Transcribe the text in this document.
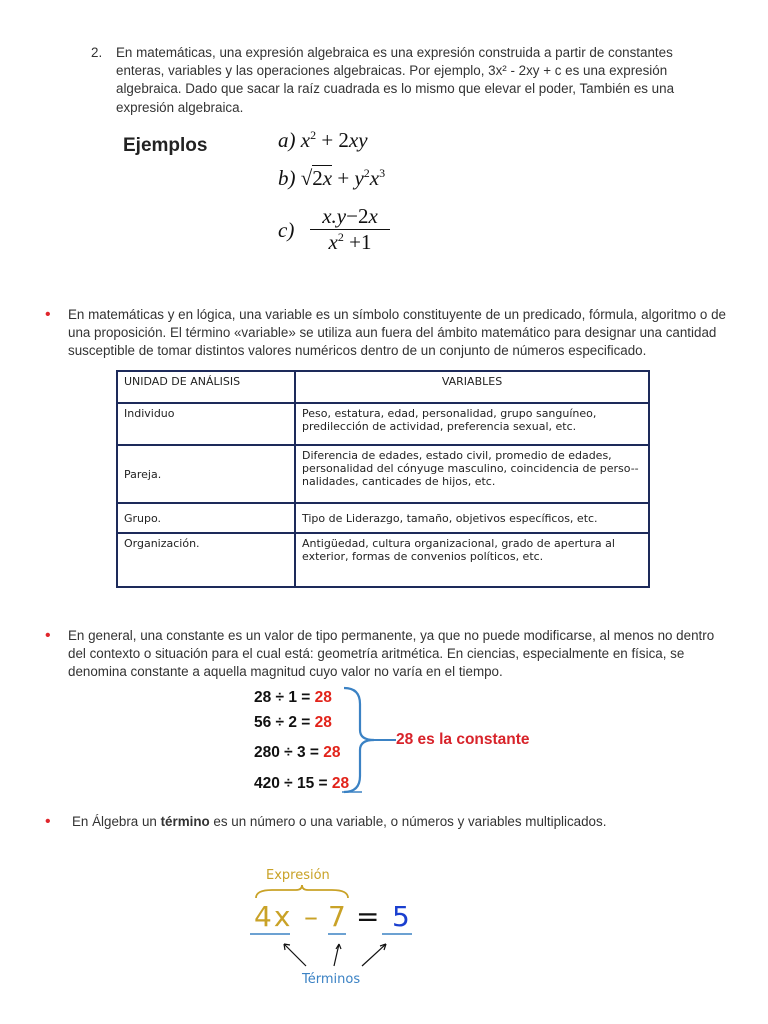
2. En matemáticas, una expresión algebraica es una expresión construida a partir de constantes enteras, variables y las operaciones algebraicas. Por ejemplo, 3x² - 2xy + c es una expresión algebraica. Dado que sacar la raíz cuadrada es lo mismo que elevar el poder, También es una expresión algebraica.
Ejemplos	a) $x^2 + 2xy$
b) $√2x + y^2x^3$
c)
x.y−2x
$x^2 +1$
• En matemáticas y en lógica, una variable es un símbolo constituyente de un predicado, fórmula, algoritmo o de una proposición. El término «variable» se utiliza aun fuera del ámbito matemático para designar una cantidad susceptible de tomar distintos valores numéricos dentro de un conjunto de números especificado.
UNIDAD DE ANÁLISIS	VARIABLES
Individuo	Peso, estatura, edad, personalidad, grupo sanguíneo, predilección de actividad, preferencia sexual, etc.
Pareja.	Diferencia de edades, estado civil, promedio de edades, personalidad del cónyuge masculino, coincidencia de perso--nalidades, canticades de hijos, etc.
Grupo.	Tipo de Liderazgo, tamaño, objetivos específicos, etc.
Organización.	Antigüedad, cultura organizacional, grado de apertura al exterior, formas de convenios políticos, etc.
• En general, una constante es un valor de tipo permanente, ya que no puede modificarse, al menos no dentro del contexto o situación para el cual está: geometría aritmética. En ciencias, especialmente en física, se denomina constante a aquella magnitud cuyo valor no varía en el tiempo.
28 ÷ 1 = 28
56 ÷ 2 = 28
280 ÷ 3 = 28
420 ÷ 15 = 28
28 es la constante
• En Álgebra un término es un número o una variable, o números y variables multiplicados.
Expresión
4x – 7 = 5
Términos
